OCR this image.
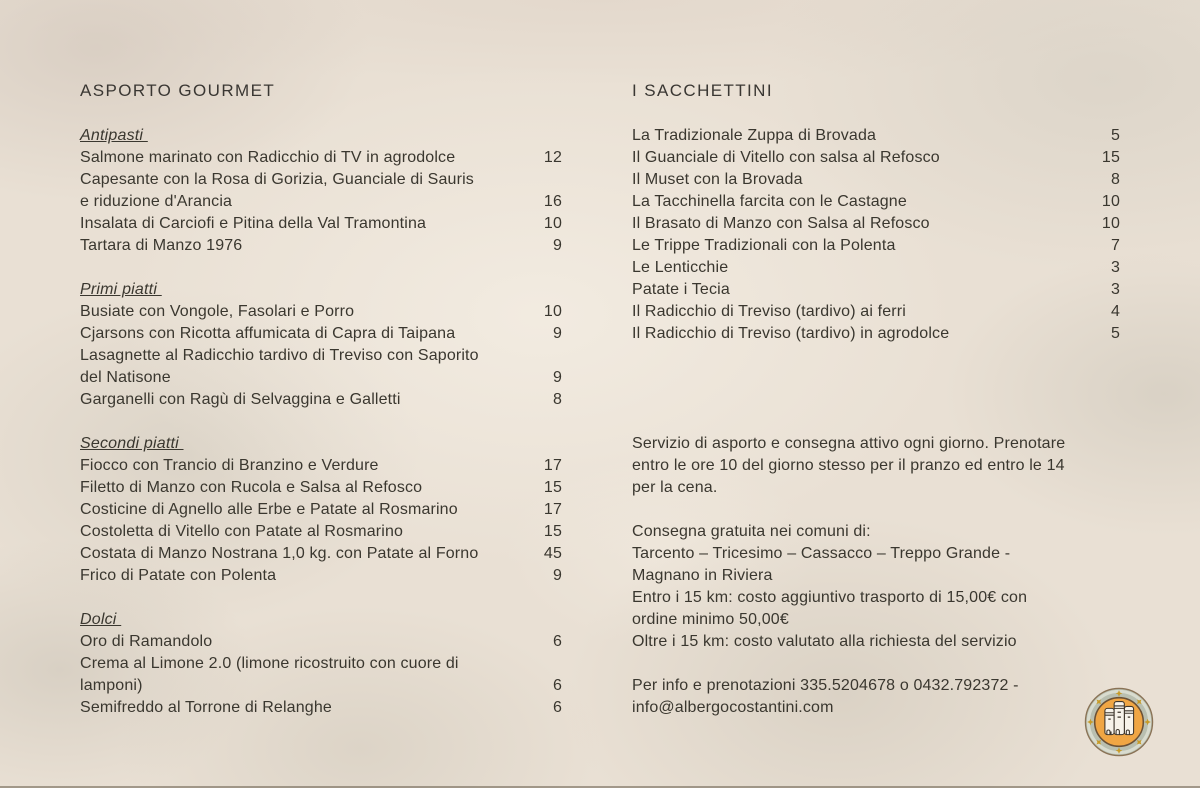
ASPORTO GOURMET
Antipasti
Salmone marinato con Radicchio di TV in agrodolce	12
Capesante con la Rosa di Gorizia, Guanciale di Sauris
e riduzione d'Arancia	16
Insalata di Carciofi e Pitina della Val Tramontina	10
Tartara di Manzo 1976	9
Primi piatti
Busiate con Vongole, Fasolari e Porro	10
Cjarsons con Ricotta affumicata di Capra di Taipana	9
Lasagnette al Radicchio tardivo di Treviso con Saporito
del Natisone	9
Garganelli con Ragù di Selvaggina e Galletti	8
Secondi piatti
Fiocco con Trancio di Branzino e Verdure	17
Filetto di Manzo con Rucola e Salsa al Refosco	15
Costicine di Agnello alle Erbe e Patate al Rosmarino	17
Costoletta di Vitello con Patate al Rosmarino	15
Costata di Manzo Nostrana 1,0 kg. con Patate al Forno	45
Frico di Patate con Polenta	9
Dolci
Oro di Ramandolo	6
Crema al Limone 2.0 (limone ricostruito con cuore di
lamponi)	6
Semifreddo al Torrone di Relanghe	6
I SACCHETTINI
La Tradizionale Zuppa di Brovada	5
Il Guanciale di Vitello con salsa al Refosco	15
Il Muset con la Brovada	8
La Tacchinella farcita con le Castagne	10
Il Brasato di Manzo con Salsa al Refosco	10
Le Trippe Tradizionali con la Polenta	7
Le Lenticchie	3
Patate i Tecia	3
Il Radicchio di Treviso (tardivo) ai ferri	4
Il Radicchio di Treviso (tardivo) in agrodolce	5
Servizio di asporto e consegna attivo ogni giorno. Prenotare
entro le ore 10 del giorno stesso per il pranzo ed entro le 14
per la cena.
Consegna gratuita nei comuni di:
Tarcento – Tricesimo – Cassacco – Treppo Grande -
Magnano in Riviera
Entro i 15 km: costo aggiuntivo trasporto di 15,00€ con
ordine minimo 50,00€
Oltre i 15 km: costo valutato alla richiesta del servizio
Per info e prenotazioni 335.5204678 o 0432.792372 -
info@albergocostantini.com
